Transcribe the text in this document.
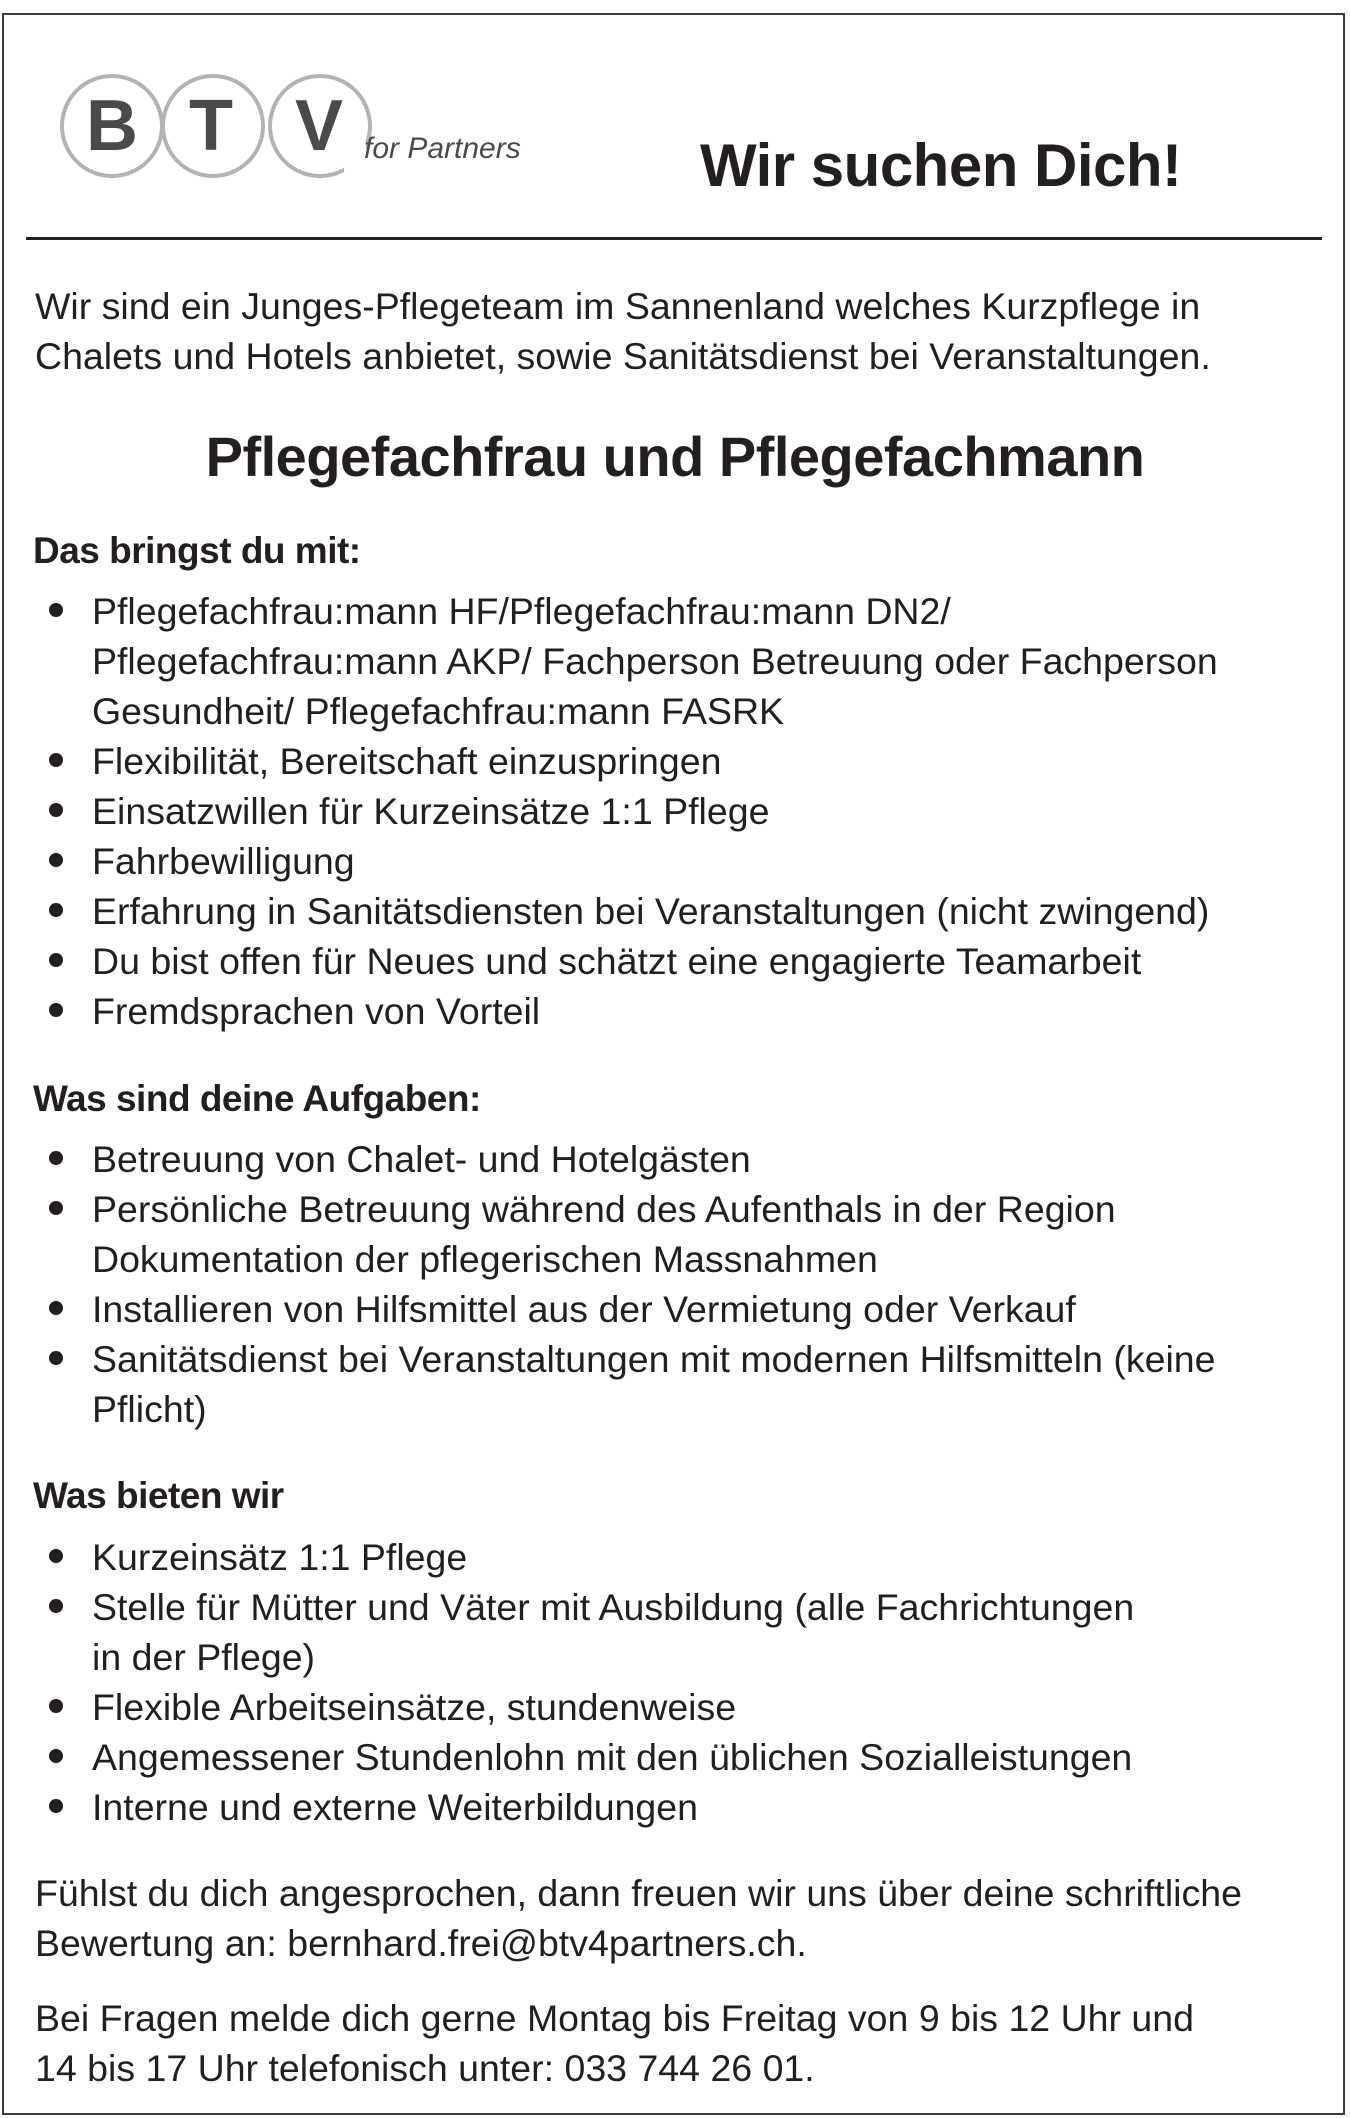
B T V for Partners	Wir suchen Dich!
Wir sind ein Junges-Pflegeteam im Sannenland welches Kurzpflege in
Chalets und Hotels anbietet, sowie Sanitätsdienst bei Veranstaltungen.
Pflegefachfrau und Pflegefachmann
Das bringst du mit:
Pflegefachfrau:mann HF/Pflegefachfrau:mann DN2/
Pflegefachfrau:mann AKP/ Fachperson Betreuung oder Fachperson
Gesundheit/ Pflegefachfrau:mann FASRK
Flexibilität, Bereitschaft einzuspringen
Einsatzwillen für Kurzeinsätze 1:1 Pflege
Fahrbewilligung
Erfahrung in Sanitätsdiensten bei Veranstaltungen (nicht zwingend)
Du bist offen für Neues und schätzt eine engagierte Teamarbeit
Fremdsprachen von Vorteil
Was sind deine Aufgaben:
Betreuung von Chalet- und Hotelgästen
Persönliche Betreuung während des Aufenthals in der Region
Dokumentation der pflegerischen Massnahmen
Installieren von Hilfsmittel aus der Vermietung oder Verkauf
Sanitätsdienst bei Veranstaltungen mit modernen Hilfsmitteln (keine
Pflicht)
Was bieten wir
Kurzeinsätz 1:1 Pflege
Stelle für Mütter und Väter mit Ausbildung (alle Fachrichtungen
in der Pflege)
Flexible Arbeitseinsätze, stundenweise
Angemessener Stundenlohn mit den üblichen Sozialleistungen
Interne und externe Weiterbildungen
Fühlst du dich angesprochen, dann freuen wir uns über deine schriftliche
Bewertung an: bernhard.frei@btv4partners.ch.
Bei Fragen melde dich gerne Montag bis Freitag von 9 bis 12 Uhr und
14 bis 17 Uhr telefonisch unter: 033 744 26 01.
